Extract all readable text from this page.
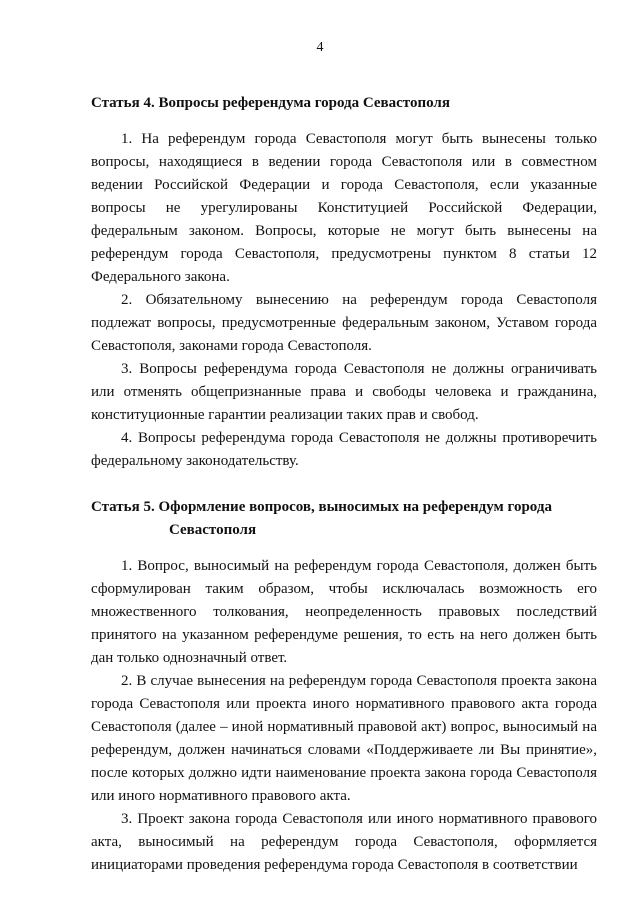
4

Статья 4. Вопросы референдума города Севастополя

1. На референдум города Севастополя могут быть вынесены только вопросы, находящиеся в ведении города Севастополя или в совместном ведении Российской Федерации и города Севастополя, если указанные вопросы не урегулированы Конституцией Российской Федерации, федеральным законом. Вопросы, которые не могут быть вынесены на референдум города Севастополя, предусмотрены пунктом 8 статьи 12 Федерального закона.

2. Обязательному вынесению на референдум города Севастополя подлежат вопросы, предусмотренные федеральным законом, Уставом города Севастополя, законами города Севастополя.

3. Вопросы референдума города Севастополя не должны ограничивать или отменять общепризнанные права и свободы человека и гражданина, конституционные гарантии реализации таких прав и свобод.

4. Вопросы референдума города Севастополя не должны противоречить федеральному законодательству.

Статья 5. Оформление вопросов, выносимых на референдум города Севастополя

1. Вопрос, выносимый на референдум города Севастополя, должен быть сформулирован таким образом, чтобы исключалась возможность его множественного толкования, неопределенность правовых последствий принятого на указанном референдуме решения, то есть на него должен быть дан только однозначный ответ.

2. В случае вынесения на референдум города Севастополя проекта закона города Севастополя или проекта иного нормативного правового акта города Севастополя (далее – иной нормативный правовой акт) вопрос, выносимый на референдум, должен начинаться словами «Поддерживаете ли Вы принятие», после которых должно идти наименование проекта закона города Севастополя или иного нормативного правового акта.

3. Проект закона города Севастополя или иного нормативного правового акта, выносимый на референдум города Севастополя, оформляется инициаторами проведения референдума города Севастополя в соответствии
